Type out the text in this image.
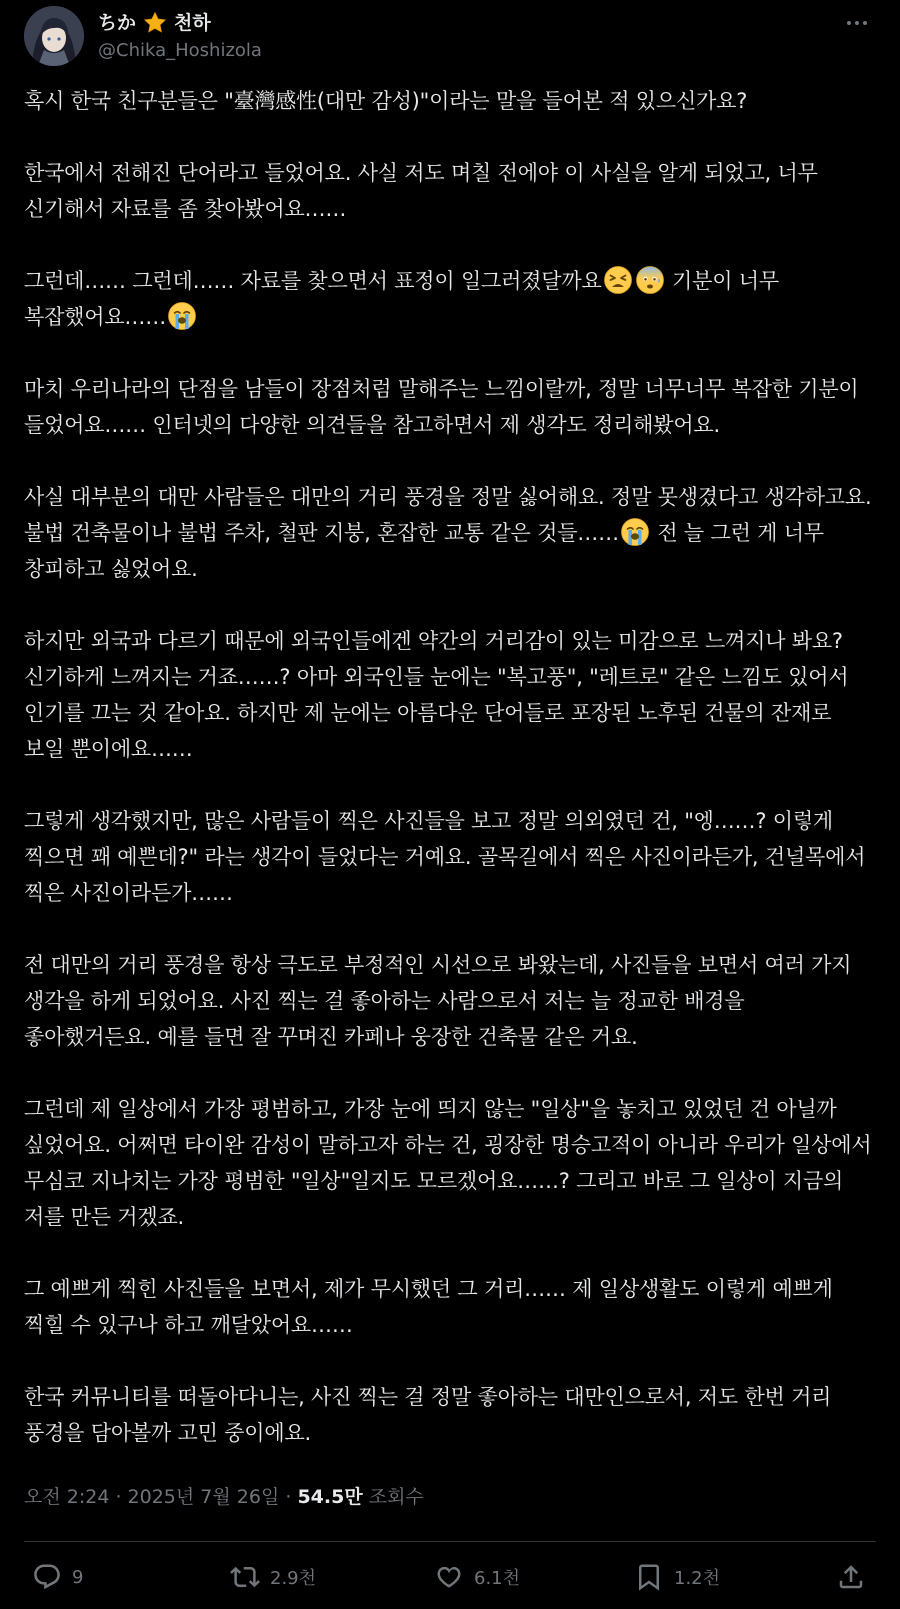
ちか 천하
@Chika_Hoshizola

혹시 한국 친구분들은 "臺灣感性(대만 감성)"이라는 말을 들어본 적 있으신가요?

한국에서 전해진 단어라고 들었어요. 사실 저도 며칠 전에야 이 사실을 알게 되었고, 너무 신기해서 자료를 좀 찾아봤어요……

그런데…… 그런데…… 자료를 찾으면서 표정이 일그러졌달까요	기분이 너무 복잡했어요……

마치 우리나라의 단점을 남들이 장점처럼 말해주는 느낌이랄까, 정말 너무너무 복잡한 기분이 들었어요…… 인터넷의 다양한 의견들을 참고하면서 제 생각도 정리해봤어요.

사실 대부분의 대만 사람들은 대만의 거리 풍경을 정말 싫어해요. 정말 못생겼다고 생각하고요. 불법 건축물이나 불법 주차, 철판 지붕, 혼잡한 교통 같은 것들…… 전 늘 그런 게 너무 창피하고 싫었어요.

하지만 외국과 다르기 때문에 외국인들에겐 약간의 거리감이 있는 미감으로 느껴지나 봐요? 신기하게 느껴지는 거죠……? 아마 외국인들 눈에는 "복고풍", "레트로" 같은 느낌도 있어서 인기를 끄는 것 같아요. 하지만 제 눈에는 아름다운 단어들로 포장된 노후된 건물의 잔재로 보일 뿐이에요……

그렇게 생각했지만, 많은 사람들이 찍은 사진들을 보고 정말 의외였던 건, "엥……? 이렇게 찍으면 꽤 예쁜데?" 라는 생각이 들었다는 거예요. 골목길에서 찍은 사진이라든가, 건널목에서 찍은 사진이라든가……

전 대만의 거리 풍경을 항상 극도로 부정적인 시선으로 봐왔는데, 사진들을 보면서 여러 가지 생각을 하게 되었어요. 사진 찍는 걸 좋아하는 사람으로서 저는 늘 정교한 배경을 좋아했거든요. 예를 들면 잘 꾸며진 카페나 웅장한 건축물 같은 거요.

그런데 제 일상에서 가장 평범하고, 가장 눈에 띄지 않는 "일상"을 놓치고 있었던 건 아닐까 싶었어요. 어쩌면 타이완 감성이 말하고자 하는 건, 굉장한 명승고적이 아니라 우리가 일상에서 무심코 지나치는 가장 평범한 "일상"일지도 모르겠어요……? 그리고 바로 그 일상이 지금의 저를 만든 거겠죠.

그 예쁘게 찍힌 사진들을 보면서, 제가 무시했던 그 거리…… 제 일상생활도 이렇게 예쁘게 찍힐 수 있구나 하고 깨달았어요……

한국 커뮤니티를 떠돌아다니는, 사진 찍는 걸 정말 좋아하는 대만인으로서, 저도 한번 거리 풍경을 담아볼까 고민 중이에요.

오전 2:24 · 2025년 7월 26일 · 54.5만 조회수
9	2.9천	6.1천	1.2천
